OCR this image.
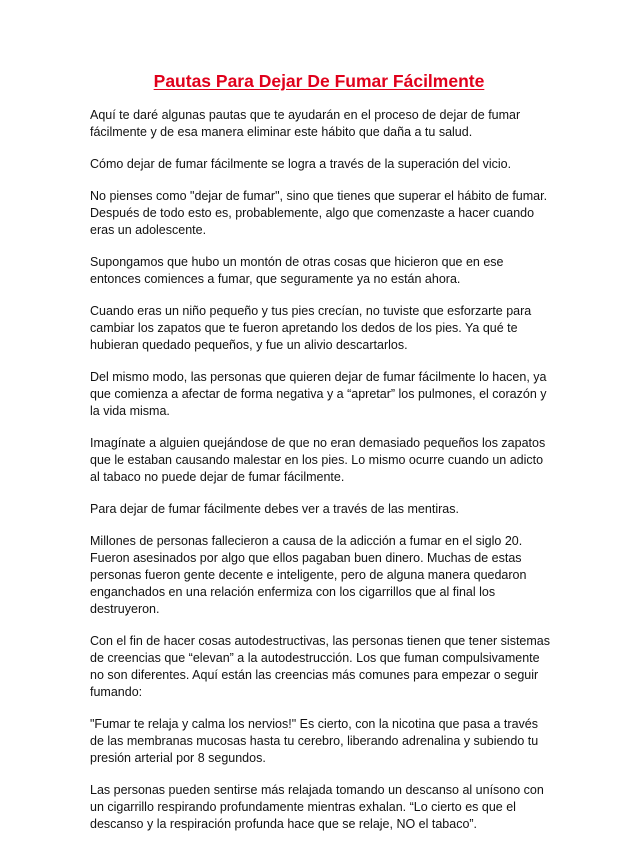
Pautas Para Dejar De Fumar Fácilmente

Aquí te daré algunas pautas que te ayudarán en el proceso de dejar de fumar
fácilmente y de esa manera eliminar este hábito que daña a tu salud.

Cómo dejar de fumar fácilmente se logra a través de la superación del vicio.

No pienses como "dejar de fumar", sino que tienes que superar el hábito de fumar.
Después de todo esto es, probablemente, algo que comenzaste a hacer cuando
eras un adolescente.

Supongamos que hubo un montón de otras cosas que hicieron que en ese
entonces comiences a fumar, que seguramente ya no están ahora.

Cuando eras un niño pequeño y tus pies crecían, no tuviste que esforzarte para
cambiar los zapatos que te fueron apretando los dedos de los pies. Ya qué te
hubieran quedado pequeños, y fue un alivio descartarlos.

Del mismo modo, las personas que quieren dejar de fumar fácilmente lo hacen, ya
que comienza a afectar de forma negativa y a “apretar” los pulmones, el corazón y
la vida misma.

Imagínate a alguien quejándose de que no eran demasiado pequeños los zapatos
que le estaban causando malestar en los pies. Lo mismo ocurre cuando un adicto
al tabaco no puede dejar de fumar fácilmente.

Para dejar de fumar fácilmente debes ver a través de las mentiras.

Millones de personas fallecieron a causa de la adicción a fumar en el siglo 20.
Fueron asesinados por algo que ellos pagaban buen dinero. Muchas de estas
personas fueron gente decente e inteligente, pero de alguna manera quedaron
enganchados en una relación enfermiza con los cigarrillos que al final los
destruyeron.

Con el fin de hacer cosas autodestructivas, las personas tienen que tener sistemas
de creencias que “elevan” a la autodestrucción. Los que fuman compulsivamente
no son diferentes. Aquí están las creencias más comunes para empezar o seguir
fumando:

"Fumar te relaja y calma los nervios!" Es cierto, con la nicotina que pasa a través
de las membranas mucosas hasta tu cerebro, liberando adrenalina y subiendo tu
presión arterial por 8 segundos.

Las personas pueden sentirse más relajada tomando un descanso al unísono con
un cigarrillo respirando profundamente mientras exhalan. “Lo cierto es que el
descanso y la respiración profunda hace que se relaje, NO el tabaco”.
